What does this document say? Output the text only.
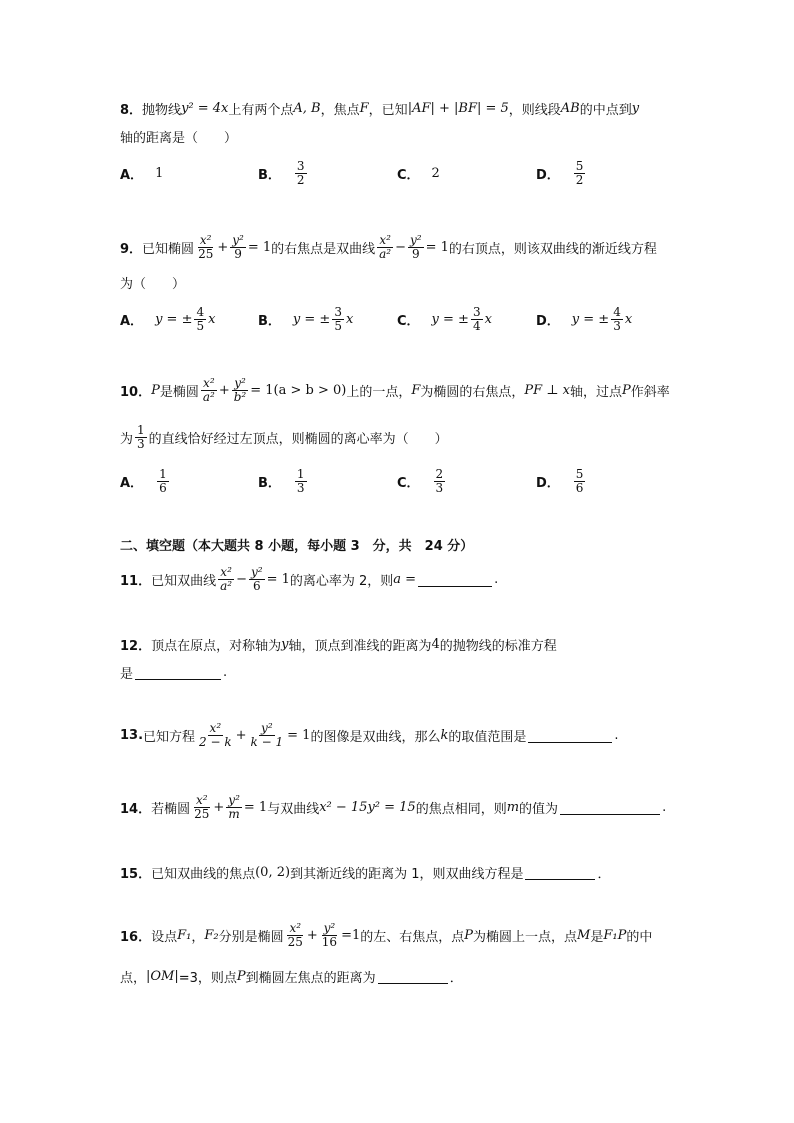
8． 抛物线 y² = 4x 上有两个点 A, B ，焦点 F ，已知 |AF| + |BF| = 5 ，则线段 AB 的中点到 y
轴的距离是（　　）
A． 1	B． $\frac{3}{2}$	C． 2	D． $\frac{5}{2}$
9． 已知椭圆 $\frac{\text{x²}}{25} + \frac{\text{y²}}{9} = 1$ 的右焦点是双曲线 $\frac{\text{x²}}{\text{a²}} - \frac{\text{y²}}{9} = 1$ 的右顶点，则该双曲线的渐近线方程
为（　　）
A． y = ± $\frac{4}{5}$ x	B． y = ± $\frac{3}{5}$ x	C． y = ± $\frac{3}{4}$ x	D． y = ± $\frac{4}{3}$ x
10． P 是椭圆 $\frac{\text{x²}}{\text{a²}} + \frac{\text{y²}}{\text{b²}} = 1(a > b > 0)$ 上的一点， F 为椭圆的右焦点， PF ⊥ x 轴，过点 P 作斜率
为 $\frac{1}{3}$ 的直线恰好经过左顶点，则椭圆的离心率为（　　）
A． $\frac{1}{6}$	B． $\frac{1}{3}$	C． $\frac{2}{3}$	D． $\frac{5}{6}$
二、填空题（本大题共 8 小题，每小题 3　分，共　24 分）
11． 已知双曲线 $\frac{\text{x²}}{\text{a²}} - \frac{\text{y²}}{6} = 1$ 的离心率为 2，则 a =	.
12． 顶点在原点，对称轴为 y 轴，顶点到准线的距离为 4 的抛物线的标准方程
是	.
13. 已知方程 $\frac{\text{x²}}{2 - k} + \frac{\text{y²}}{k - 1} = 1$ 的图像是双曲线，那么 k 的取值范围是	.
14． 若椭圆 $\frac{\text{x²}}{25} + \frac{\text{y²}}{m} = 1$ 与双曲线 x² − 15y² = 15 的焦点相同，则 m 的值为	.
15． 已知双曲线的焦点 (0, 2) 到其渐近线的距离为 1，则双曲线方程是	．
16． 设点 F₁ ， F₂ 分别是椭圆 $\frac{\text{x²}}{25} + \frac{\text{y²}}{16} =1$ 的左、右焦点，点 P 为椭圆上一点，点 M 是 F₁P 的中
点， |OM| =3，则点 P 到椭圆左焦点的距离为	．
